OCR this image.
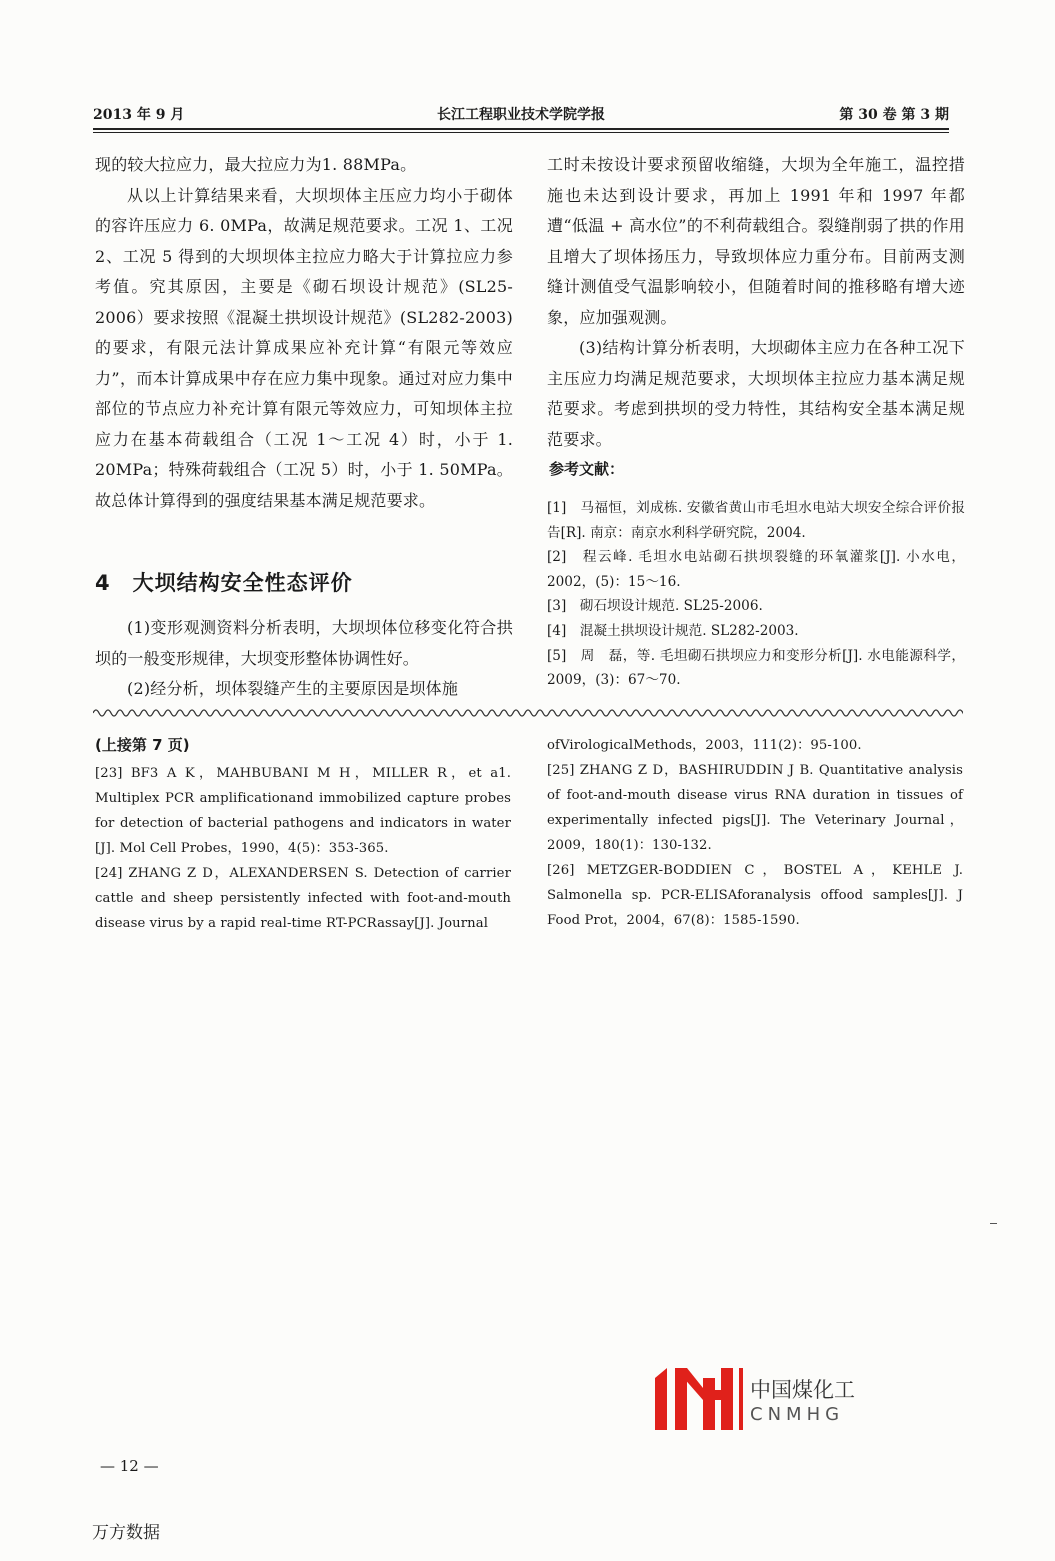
2013 年 9 月	长江工程职业技术学院学报	第 30 卷 第 3 期

现的较大拉应力，最大拉应力为1. 88MPa。

从以上计算结果来看，大坝坝体主压应力均小于砌体的容许压应力 6. 0MPa，故满足规范要求。工况 1、工况 2、工况 5 得到的大坝坝体主拉应力略大于计算拉应力参考值。究其原因，主要是《砌石坝设计规范》(SL25-2006）要求按照《混凝土拱坝设计规范》(SL282-2003)的要求，有限元法计算成果应补充计算“有限元等效应力”，而本计算成果中存在应力集中现象。通过对应力集中部位的节点应力补充计算有限元等效应力，可知坝体主拉应力在基本荷载组合（工况 1～工况 4）时，小于 1. 20MPa；特殊荷载组合（工况 5）时，小于 1. 50MPa。故总体计算得到的强度结果基本满足规范要求。

4 大坝结构安全性态评价

(1)变形观测资料分析表明，大坝坝体位移变化符合拱坝的一般变形规律，大坝变形整体协调性好。

(2)经分析，坝体裂缝产生的主要原因是坝体施

工时未按设计要求预留收缩缝，大坝为全年施工，温控措施也未达到设计要求，再加上 1991 年和 1997 年都遭“低温 + 高水位”的不利荷载组合。裂缝削弱了拱的作用且增大了坝体扬压力，导致坝体应力重分布。目前两支测缝计测值受气温影响较小，但随着时间的推移略有增大迹象，应加强观测。

(3)结构计算分析表明，大坝砌体主应力在各种工况下主压应力均满足规范要求，大坝坝体主拉应力基本满足规范要求。考虑到拱坝的受力特性，其结构安全基本满足规范要求。

参考文献：

[1]　马福恒，刘成栋. 安徽省黄山市毛坦水电站大坝安全综合评价报告[R]. 南京：南京水利科学研究院，2004.

[2]　程云峰. 毛坦水电站砌石拱坝裂缝的环氧灌浆[J]. 小水电，2002，(5)：15～16.

[3]　砌石坝设计规范. SL25-2006.

[4]　混凝土拱坝设计规范. SL282-2003.

[5]　周　磊，等. 毛坦砌石拱坝应力和变形分析[J]. 水电能源科学，2009，(3)：67～70.

(上接第 7 页)

[23] BF3 A K，MAHBUBANI M H，MILLER R，et a1. Multiplex PCR amplificationand immobilized capture probes for detection of bacterial pathogens and indicators in water [J]. Mol Cell Probes，1990，4(5)：353-365.

[24] ZHANG Z D，ALEXANDERSEN S. Detection of carrier cattle and sheep persistently infected with foot-and-mouth disease virus by a rapid real-time RT-PCRassay[J]. Journal

ofVirologicalMethods，2003，111(2)：95-100.

[25] ZHANG Z D，BASHIRUDDIN J B. Quantitative analysis of foot-and-mouth disease virus RNA duration in tissues of experimentally infected pigs[J]. The Veterinary Journal，2009，180(1)：130-132.

[26] METZGER-BODDIEN C，BOSTEL A，KEHLE J. Salmonella sp. PCR-ELISAforanalysis offood samples[J]. J Food Prot，2004，67(8)：1585-1590.

中国煤化工
CNMHG
— 12 —
万方数据
